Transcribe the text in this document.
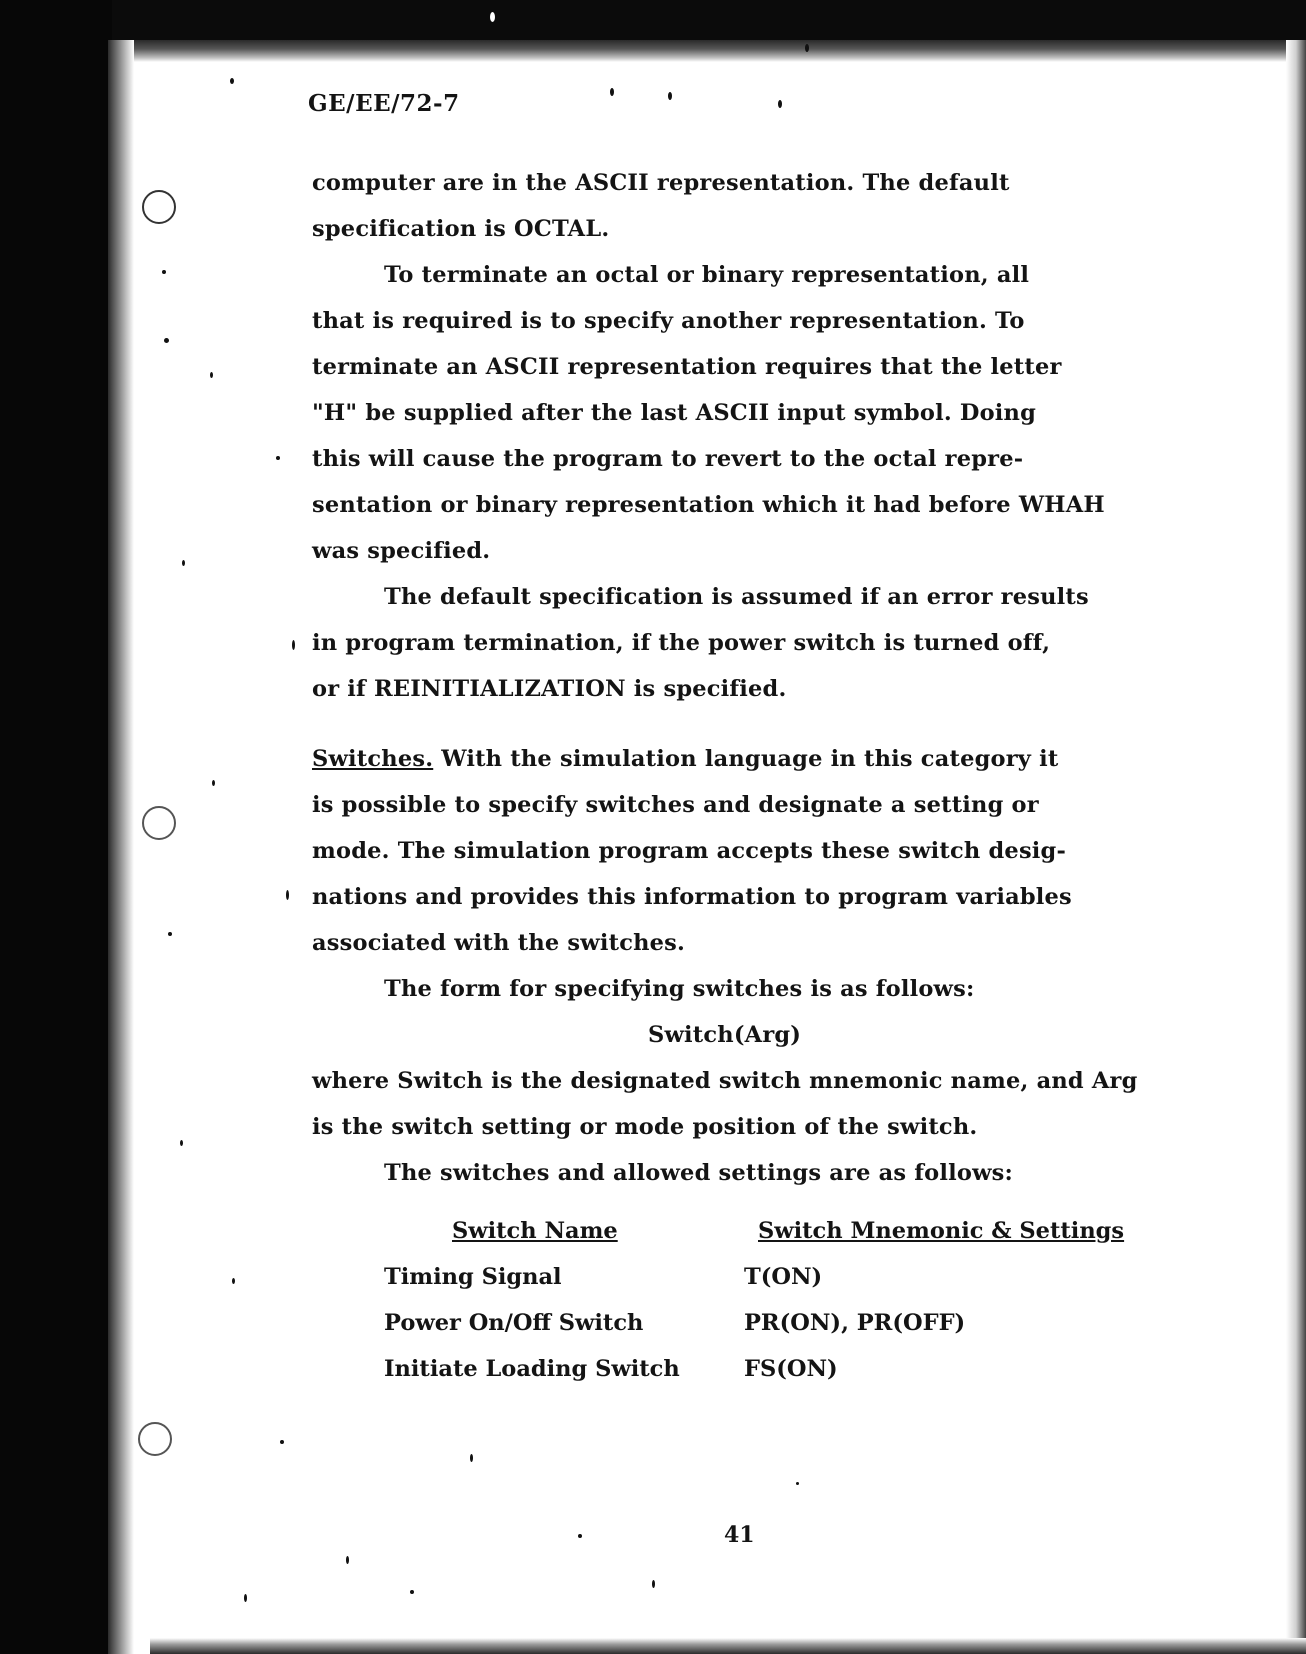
GE/EE/72-7
computer are in the ASCII representation. The default
specification is OCTAL.
To terminate an octal or binary representation, all
that is required is to specify another representation. To
terminate an ASCII representation requires that the letter
"H" be supplied after the last ASCII input symbol. Doing
this will cause the program to revert to the octal repre-
sentation or binary representation which it had before WHAH
was specified.
The default specification is assumed if an error results
in program termination, if the power switch is turned off,
or if REINITIALIZATION is specified.
Switches. With the simulation language in this category it
is possible to specify switches and designate a setting or
mode. The simulation program accepts these switch desig-
nations and provides this information to program variables
associated with the switches.
The form for specifying switches is as follows:
Switch(Arg)
where Switch is the designated switch mnemonic name, and Arg
is the switch setting or mode position of the switch.
The switches and allowed settings are as follows:
Switch Name	Switch Mnemonic & Settings
Timing Signal	T(ON)
Power On/Off Switch	PR(ON), PR(OFF)
Initiate Loading Switch	FS(ON)
41
